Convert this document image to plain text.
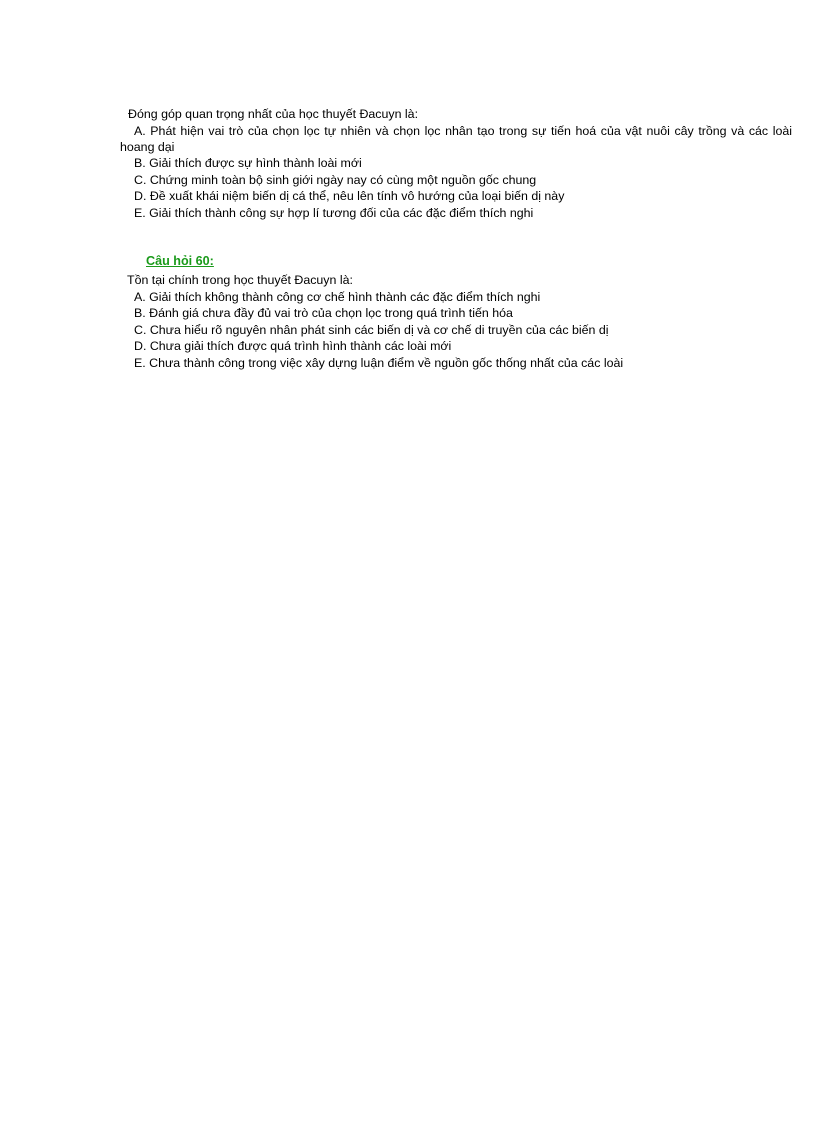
Đóng góp quan trọng nhất của học thuyết Đacuyn là:
A. Phát hiện vai trò của chọn lọc tự nhiên và chọn lọc nhân tạo trong sự tiến hoá của vật nuôi cây trồng và các loài hoang dại
B. Giải thích được sự hình thành loài mới
C. Chứng minh toàn bộ sinh giới ngày nay có cùng một nguồn gốc chung
D. Đề xuất khái niệm biến dị cá thể, nêu lên tính vô hướng của loại biến dị này
E. Giải thích thành công sự hợp lí tương đối của các đặc điểm thích nghi
Câu hỏi 60:
Tồn tại chính trong học thuyết Đacuyn là:
A. Giải thích không thành công cơ chế hình thành các đặc điểm thích nghi
B. Đánh giá chưa đầy đủ vai trò của chọn lọc trong quá trình tiến hóa
C. Chưa hiểu rõ nguyên nhân phát sinh các biến dị và cơ chế di truyền của các biến dị
D. Chưa giải thích được quá trình hình thành các loài mới
E. Chưa thành công trong việc xây dựng luận điểm về nguồn gốc thống nhất của các loài
